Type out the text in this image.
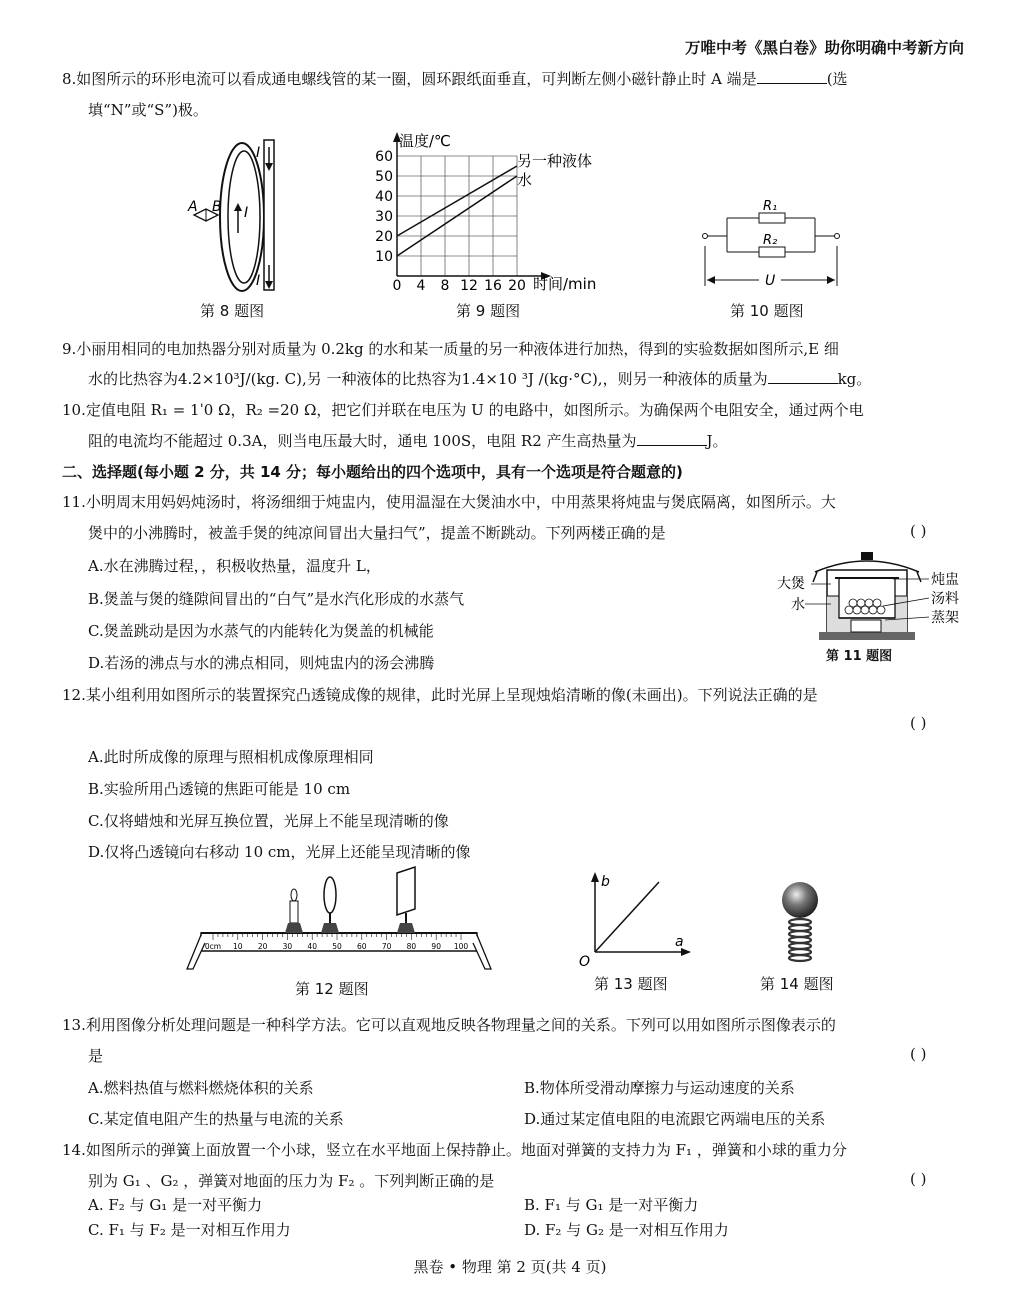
万唯中考《黑白卷》助你明确中考新方向
8.如图所示的环形电流可以看成通电螺线管的某一圈，圆环跟纸面垂直，可判断左侧小磁针静止时 A 端是	(选
填“N”或“S”)极。
A B
I
I
I
第 8 题图
60
50
40
30
20
10
0 4 8 12 16 20
温度/℃
时间/min
另一种液体
水
第 9 题图
R₁
R₂
U
第 10 题图
9.小丽用相同的电加热器分别对质量为 0.2kg 的水和某一质量的另一种液体进行加热，得到的实验数据如图所示,E 细
水的比热容为4.2×10³J/(kg. C),另 一种液体的比热容为1.4×10 ³J /(kg·°C),，则另一种液体的质量为	kg。
10.定值电阻 R₁ = 1ˈ0 Ω，R₂ =20 Ω，把它们并联在电压为 U 的电路中，如图所示。为确保两个电阻安全，通过两个电
阻的电流均不能超过 0.3A，则当电压最大时，通电 100S，电阻 R2 产生高热量为	J。
二、选择题(每小题 2 分，共 14 分；每小题给出的四个选项中，具有一个选项是符合题意的)
11.小明周末用妈妈炖汤时，将汤细细于炖盅内，使用温湿在大煲油水中，中用蒸果将炖盅与煲底隔离，如图所示。大
煲中的小沸腾时，被盖手煲的纯凉间冒出大量扫气”，提盖不断跳动。下列两楼正确的是	( )
A.水在沸腾过程，，积极收热量，温度升 L，
B.煲盖与煲的缝隙间冒出的“白气”是水汽化形成的水蒸气
C.煲盖跳动是因为水蒸气的内能转化为煲盖的机械能
D.若汤的沸点与水的沸点相同，则炖盅内的汤会沸腾
大煲
水
炖盅
汤料
蒸架
第 11 题图
12.某小组利用如图所示的装置探究凸透镜成像的规律，此时光屏上呈现烛焰清晰的像(未画出)。下列说法正确的是
( )
A.此时所成像的原理与照相机成像原理相同
B.实验所用凸透镜的焦距可能是 10 cm
C.仅将蜡烛和光屏互换位置，光屏上不能呈现清晰的像
D.仅将凸透镜向右移动 10 cm，光屏上还能呈现清晰的像
0cm 10 20 30 40 50 60 70 80 90 100
第 12 题图
b
a
O
第 13 题图	第 14 题图
13.利用图像分析处理问题是一种科学方法。它可以直观地反映各物理量之间的关系。下列可以用如图所示图像表示的
是	( )
A.燃料热值与燃料燃烧体积的关系	B.物体所受滑动摩擦力与运动速度的关系
C.某定值电阻产生的热量与电流的关系	D.通过某定值电阻的电流跟它两端电压的关系
14.如图所示的弹簧上面放置一个小球，竖立在水平地面上保持静止。地面对弹簧的支持力为 F₁ ，弹簧和小球的重力分
别为 G₁ 、G₂ ，弹簧对地面的压力为 F₂ 。下列判断正确的是	( )
A. F₂ 与 G₁ 是一对平衡力	B. F₁ 与 G₁ 是一对平衡力
C. F₁ 与 F₂ 是一对相互作用力	D. F₂ 与 G₂ 是一对相互作用力
黑卷 • 物理 第 2 页(共 4 页)
